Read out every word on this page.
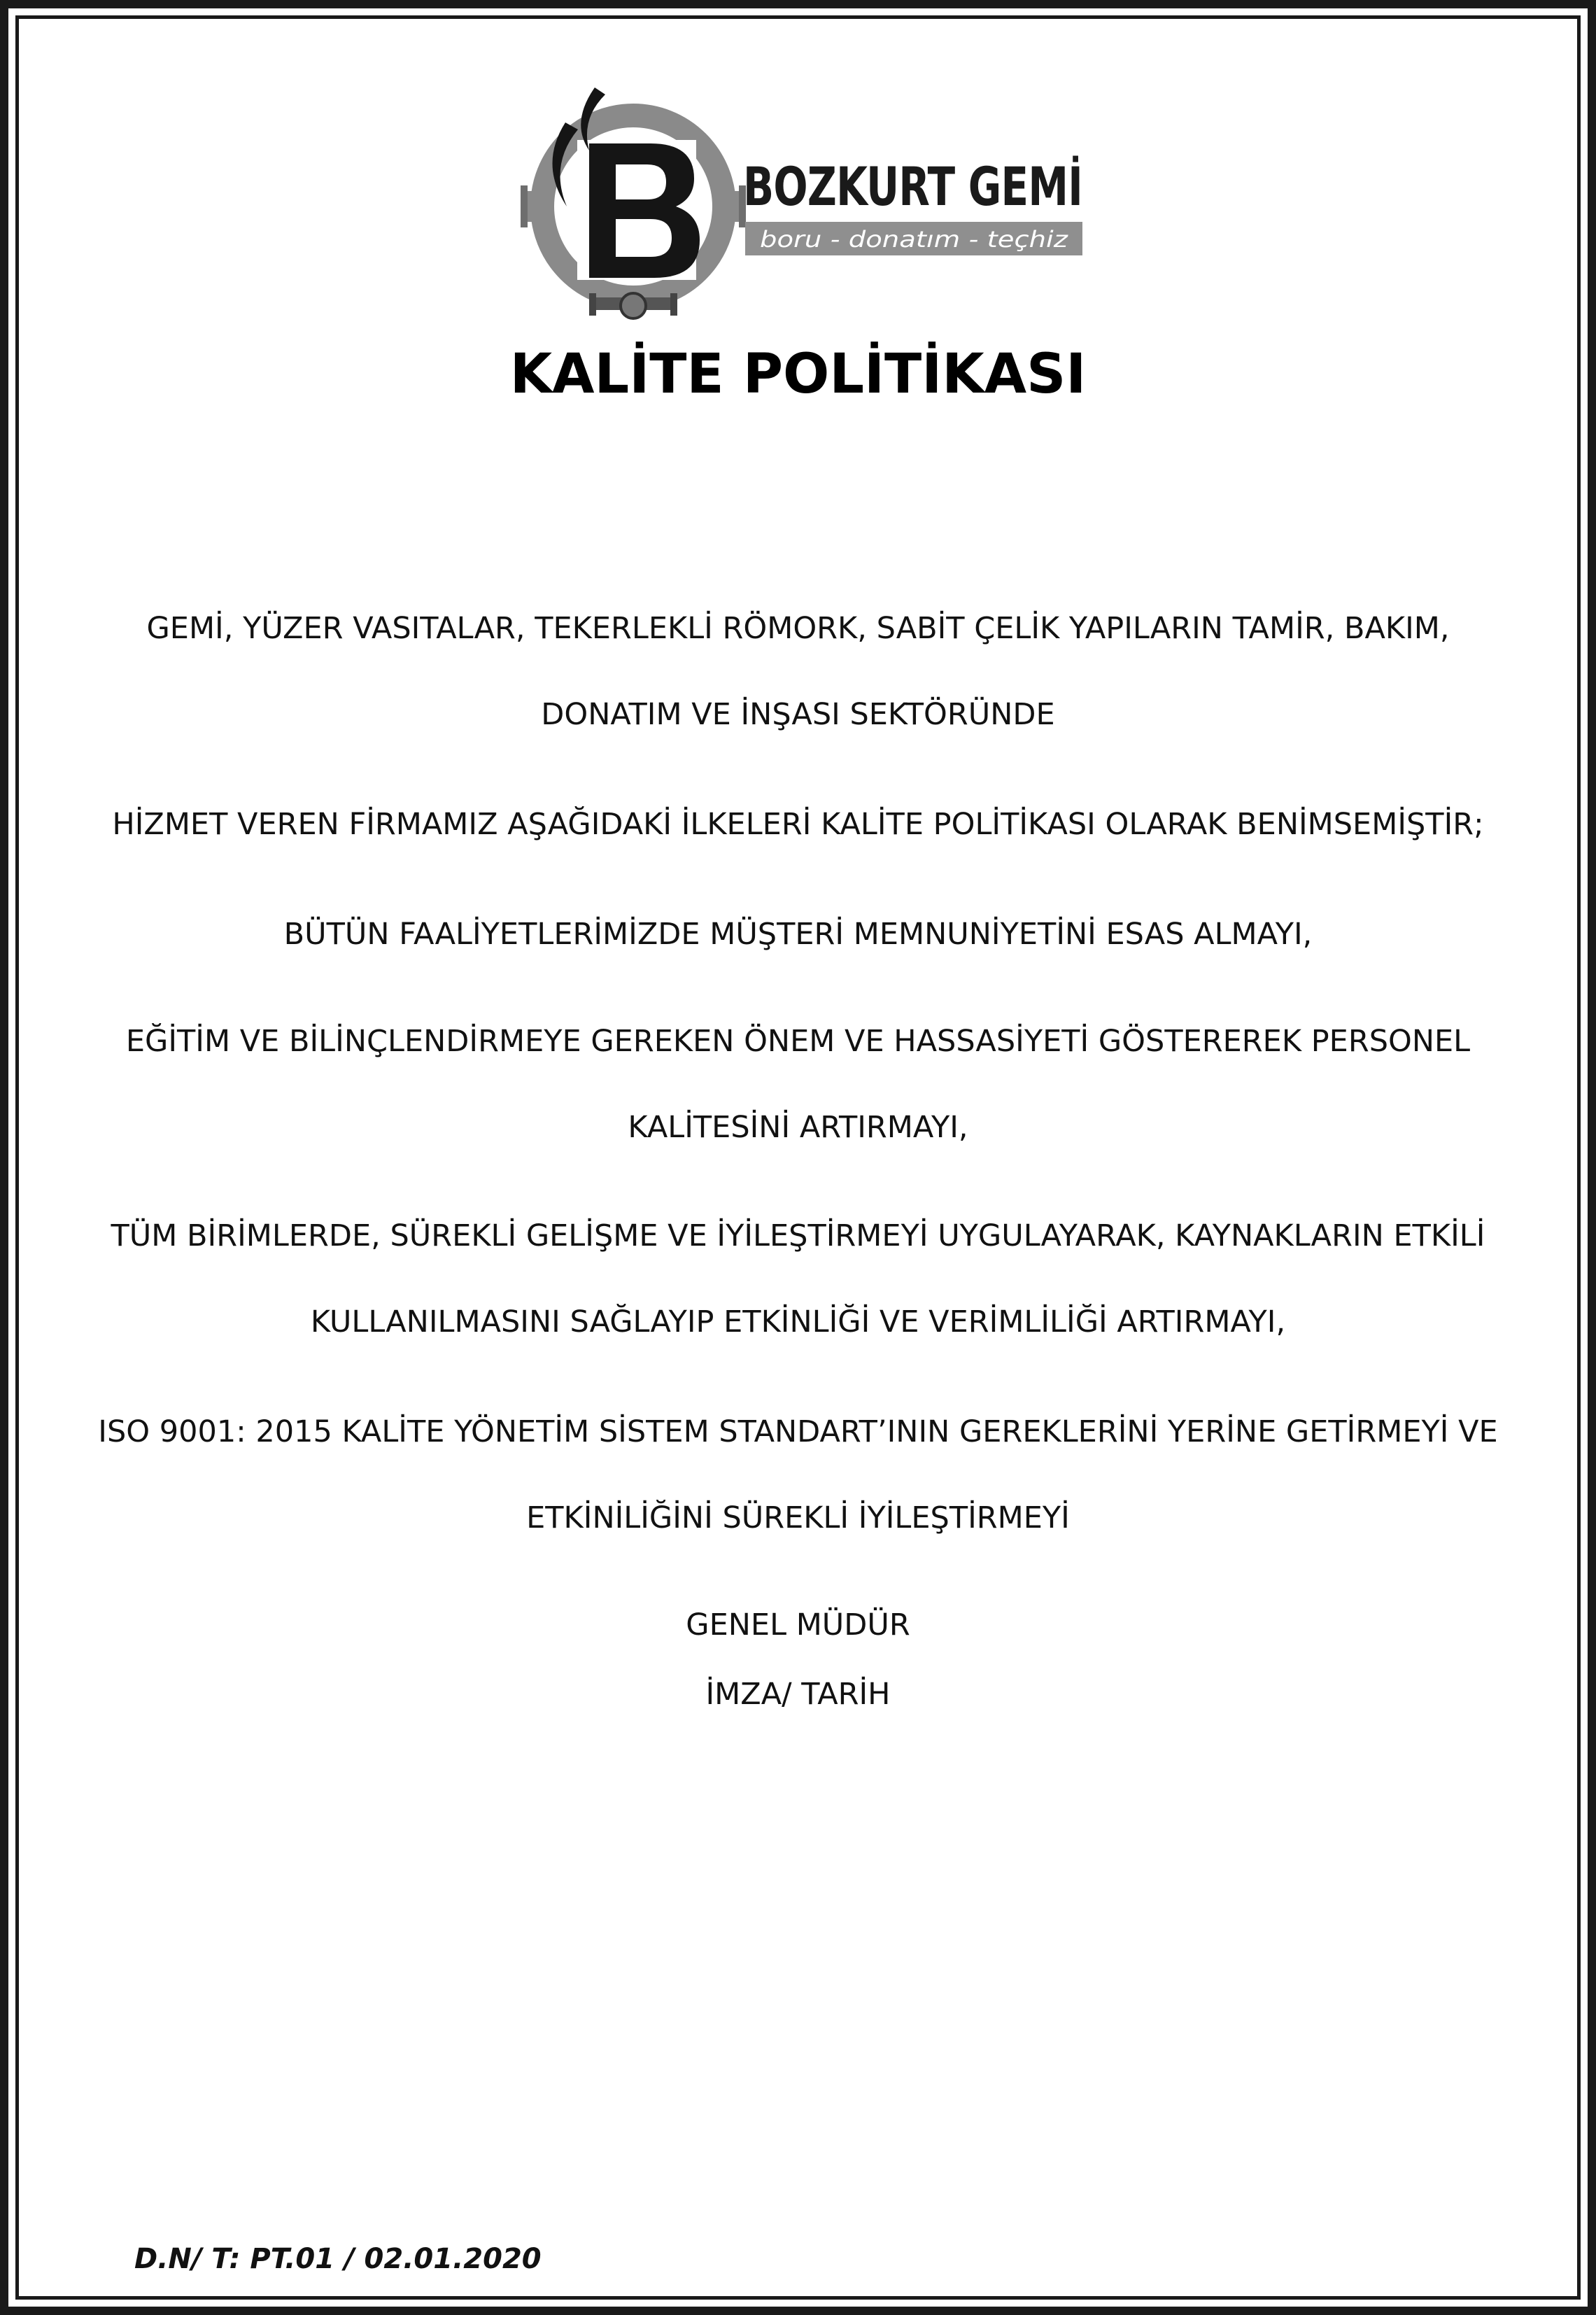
BOZKURT GEMİ
boru - donatım - teçhiz
KALİTE POLİTİKASI
GEMİ, YÜZER VASITALAR, TEKERLEKLİ RÖMORK, SABİT ÇELİK YAPILARIN TAMİR, BAKIM,
DONATIM VE İNŞASI SEKTÖRÜNDE
HİZMET VEREN FİRMAMIZ AŞAĞIDAKİ İLKELERİ KALİTE POLİTİKASI OLARAK BENİMSEMİŞTİR;
BÜTÜN FAALİYETLERİMİZDE MÜŞTERİ MEMNUNİYETİNİ ESAS ALMAYI,
EĞİTİM VE BİLİNÇLENDİRMEYE GEREKEN ÖNEM VE HASSASİYETİ GÖSTEREREK PERSONEL
KALİTESİNİ ARTIRMAYI,
TÜM BİRİMLERDE, SÜREKLİ GELİŞME VE İYİLEŞTİRMEYİ UYGULAYARAK, KAYNAKLARIN ETKİLİ
KULLANILMASINI SAĞLAYIP ETKİNLİĞİ VE VERİMLİLİĞİ ARTIRMAYI,
ISO 9001: 2015 KALİTE YÖNETİM SİSTEM STANDART’ININ GEREKLERİNİ YERİNE GETİRMEYİ VE
ETKİNİLİĞİNİ SÜREKLİ İYİLEŞTİRMEYİ
GENEL MÜDÜR
İMZA/ TARİH
D.N/ T: PT.01 / 02.01.2020
